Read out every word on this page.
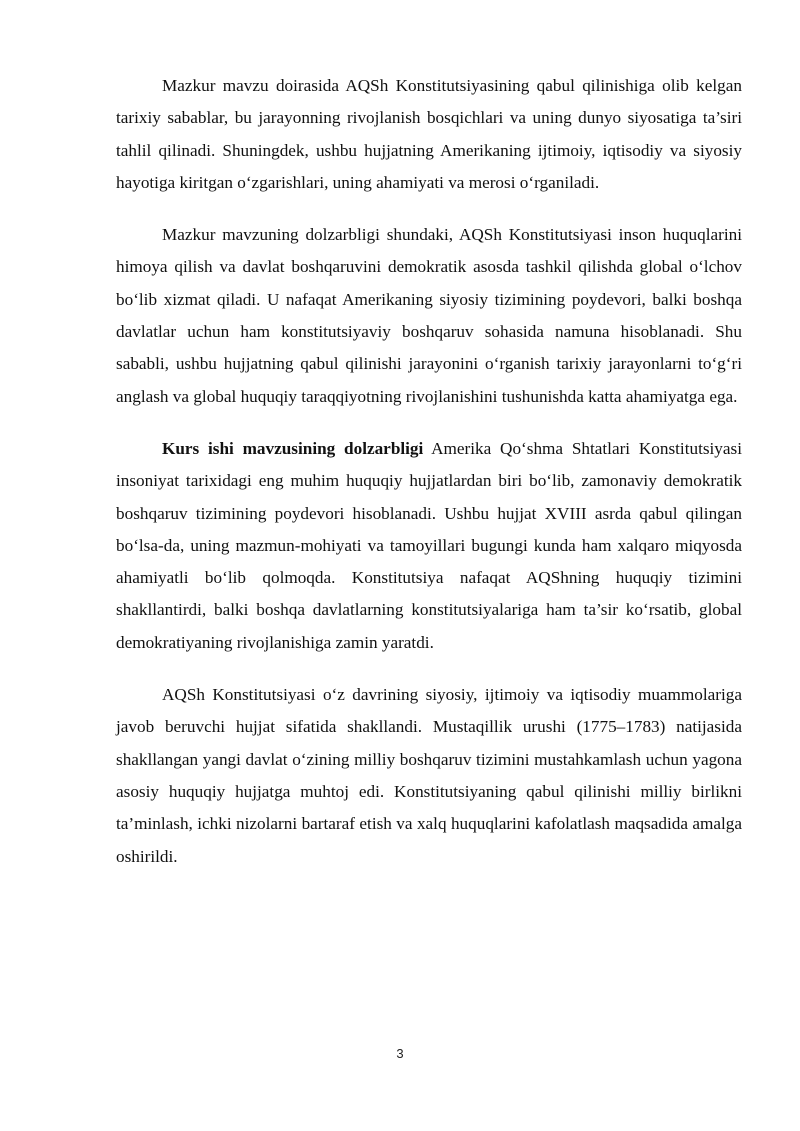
Mazkur mavzu doirasida AQSh Konstitutsiyasining qabul qilinishiga olib kelgan tarixiy sabablar, bu jarayonning rivojlanish bosqichlari va uning dunyo siyosatiga ta’siri tahlil qilinadi. Shuningdek, ushbu hujjatning Amerikaning ijtimoiy, iqtisodiy va siyosiy hayotiga kiritgan o‘zgarishlari, uning ahamiyati va merosi o‘rganiladi.

Mazkur mavzuning dolzarbligi shundaki, AQSh Konstitutsiyasi inson huquqlarini himoya qilish va davlat boshqaruvini demokratik asosda tashkil qilishda global o‘lchov bo‘lib xizmat qiladi. U nafaqat Amerikaning siyosiy tizimining poydevori, balki boshqa davlatlar uchun ham konstitutsiyaviy boshqaruv sohasida namuna hisoblanadi. Shu sababli, ushbu hujjatning qabul qilinishi jarayonini o‘rganish tarixiy jarayonlarni to‘g‘ri anglash va global huquqiy taraqqiyotning rivojlanishini tushunishda katta ahamiyatga ega.

Kurs ishi mavzusining dolzarbligi Amerika Qo‘shma Shtatlari Konstitutsiyasi insoniyat tarixidagi eng muhim huquqiy hujjatlardan biri bo‘lib, zamonaviy demokratik boshqaruv tizimining poydevori hisoblanadi. Ushbu hujjat XVIII asrda qabul qilingan bo‘lsa-da, uning mazmun-mohiyati va tamoyillari bugungi kunda ham xalqaro miqyosda ahamiyatli bo‘lib qolmoqda. Konstitutsiya nafaqat AQShning huquqiy tizimini shakllantirdi, balki boshqa davlatlarning konstitutsiyalariga ham ta’sir ko‘rsatib, global demokratiyaning rivojlanishiga zamin yaratdi.

AQSh Konstitutsiyasi o‘z davrining siyosiy, ijtimoiy va iqtisodiy muammolariga javob beruvchi hujjat sifatida shakllandi. Mustaqillik urushi (1775–1783) natijasida shakllangan yangi davlat o‘zining milliy boshqaruv tizimini mustahkamlash uchun yagona asosiy huquqiy hujjatga muhtoj edi. Konstitutsiyaning qabul qilinishi milliy birlikni ta’minlash, ichki nizolarni bartaraf etish va xalq huquqlarini kafolatlash maqsadida amalga oshirildi.

3
